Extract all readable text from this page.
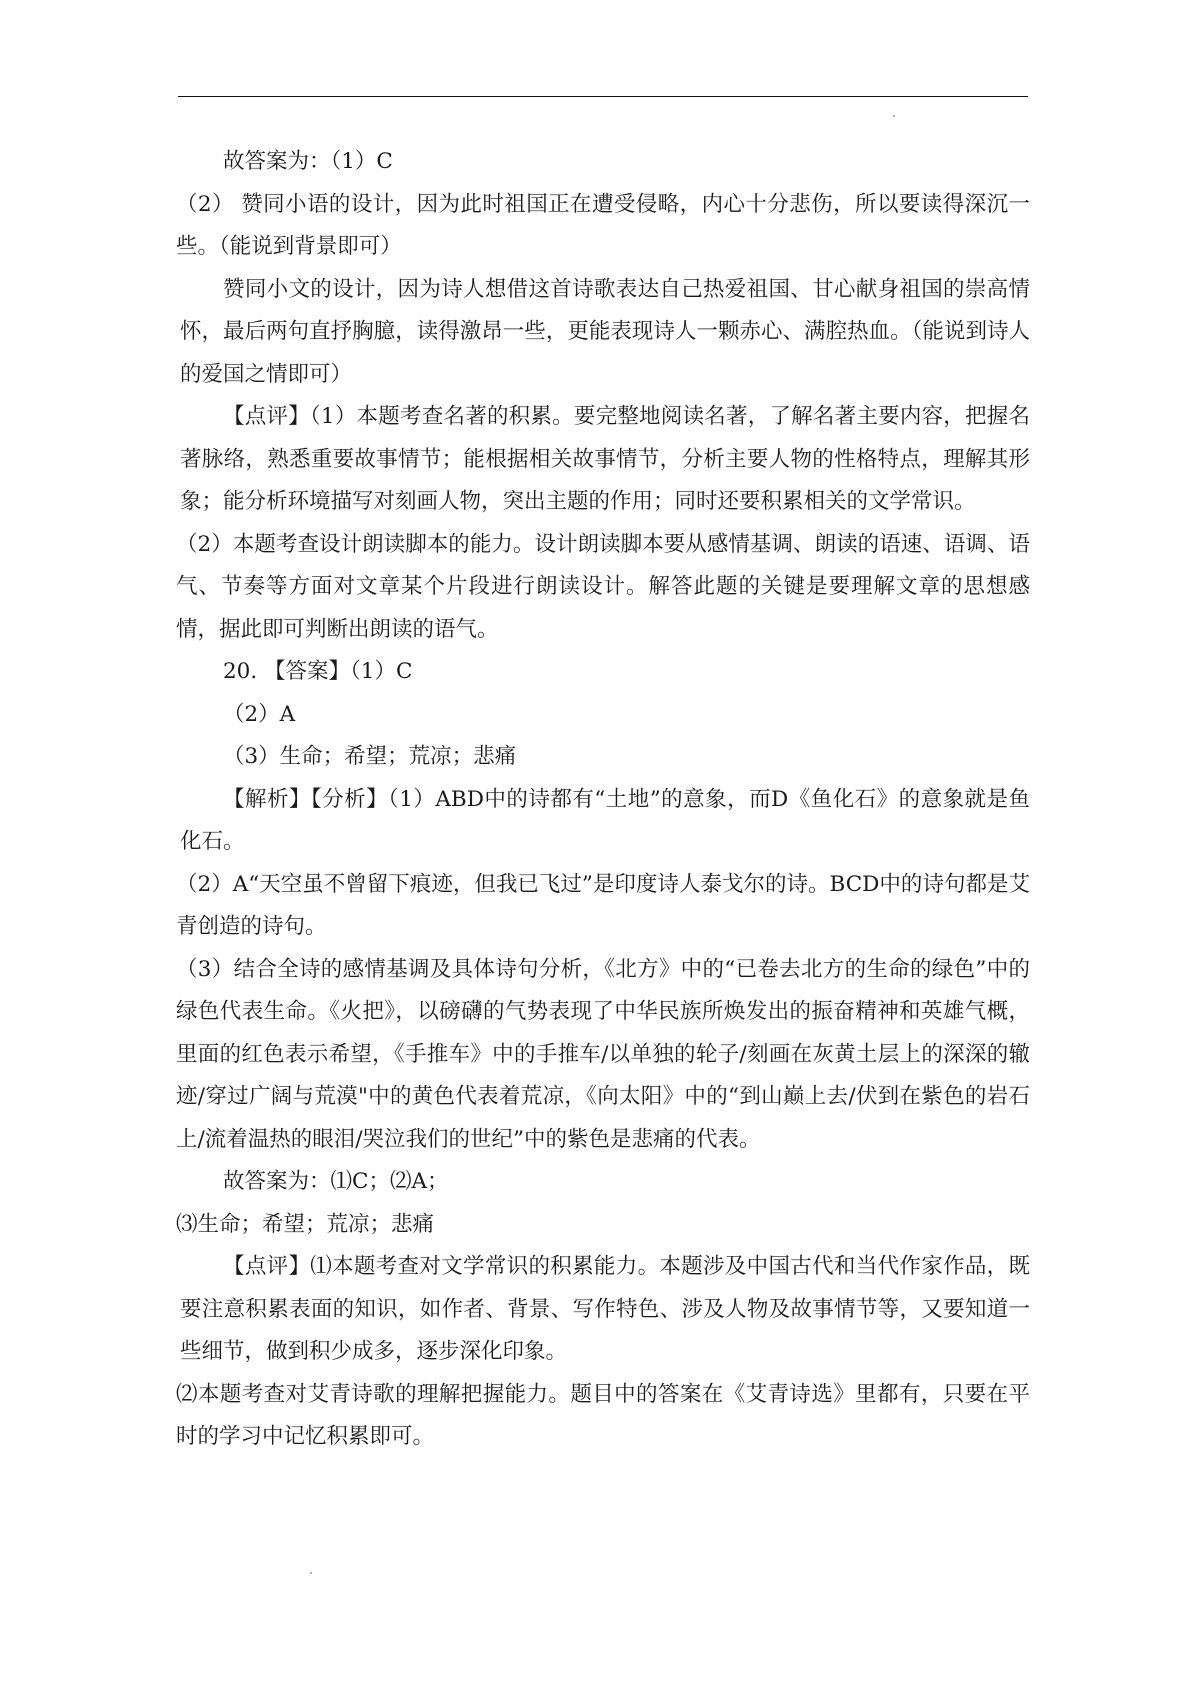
故答案为：（1）C

（2） 赞同小语的设计，因为此时祖国正在遭受侵略，内心十分悲伤，所以要读得深沉一些。（能说到背景即可）

赞同小文的设计，因为诗人想借这首诗歌表达自己热爱祖国、甘心献身祖国的崇高情怀，最后两句直抒胸臆，读得激昂一些，更能表现诗人一颗赤心、满腔热血。（能说到诗人的爱国之情即可）

【点评】（1）本题考查名著的积累。要完整地阅读名著，了解名著主要内容，把握名著脉络，熟悉重要故事情节；能根据相关故事情节，分析主要人物的性格特点，理解其形象；能分析环境描写对刻画人物，突出主题的作用；同时还要积累相关的文学常识。

（2）本题考查设计朗读脚本的能力。设计朗读脚本要从感情基调、朗读的语速、语调、语气、节奏等方面对文章某个片段进行朗读设计。解答此题的关键是要理解文章的思想感情，据此即可判断出朗读的语气。

20. 【答案】（1）C

（2）A

（3）生命；希望；荒凉；悲痛

【解析】【分析】（1）ABD中的诗都有“土地”的意象，而D《鱼化石》的意象就是鱼化石。

（2）A“天空虽不曾留下痕迹，但我已飞过”是印度诗人泰戈尔的诗。BCD中的诗句都是艾青创造的诗句。

（3）结合全诗的感情基调及具体诗句分析，《北方》中的“已卷去北方的生命的绿色”中的绿色代表生命。《火把》，以磅礴的气势表现了中华民族所焕发出的振奋精神和英雄气概，里面的红色表示希望，《手推车》中的手推车/以单独的轮子/刻画在灰黄土层上的深深的辙迹/穿过广阔与荒漠"中的黄色代表着荒凉，《向太阳》中的“到山巅上去/伏到在紫色的岩石上/流着温热的眼泪/哭泣我们的世纪”中的紫色是悲痛的代表。

故答案为：⑴C；⑵A；

⑶生命；希望；荒凉；悲痛

【点评】⑴本题考查对文学常识的积累能力。本题涉及中国古代和当代作家作品，既要注意积累表面的知识，如作者、背景、写作特色、涉及人物及故事情节等，又要知道一些细节，做到积少成多，逐步深化印象。

⑵本题考查对艾青诗歌的理解把握能力。题目中的答案在《艾青诗选》里都有，只要在平时的学习中记忆积累即可。
